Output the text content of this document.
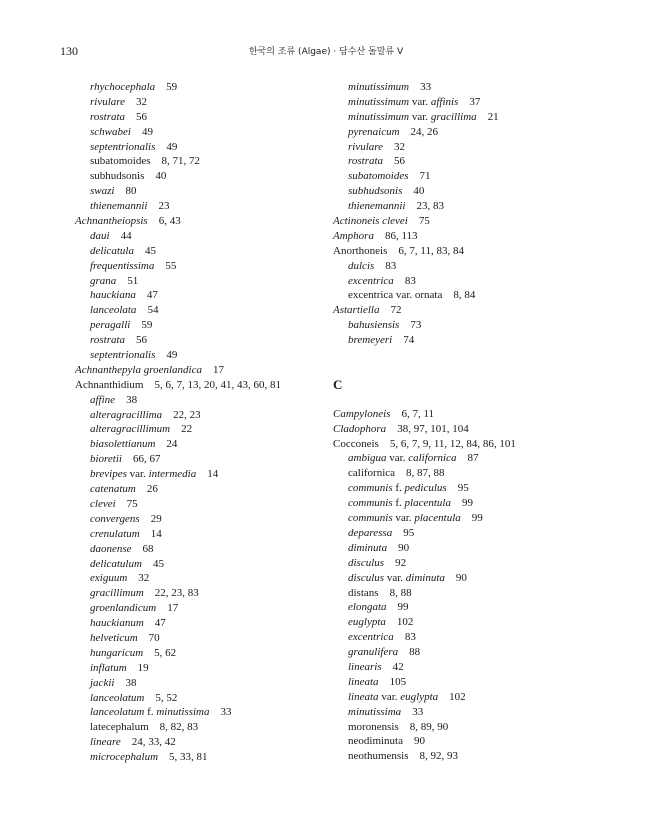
130	한국의 조류 (Algae) · 담수산 돌말류 V
rhychocephala 59
rivulare 32
rostrata 56
schwabei 49
septentrionalis 49
subatomoides 8, 71, 72
subhudsonis 40
swazi 80
thienemannii 23
Achnantheiopsis 6, 43
daui 44
delicatula 45
frequentissima 55
grana 51
hauckiana 47
lanceolata 54
peragalli 59
rostrata 56
septentrionalis 49
Achnanthepyla groenlandica 17
Achnanthidium 5, 6, 7, 13, 20, 41, 43, 60, 81
affine 38
alteragracillima 22, 23
alteragracillimum 22
biasolettianum 24
bioretii 66, 67
brevipes var. intermedia 14
catenatum 26
clevei 75
convergens 29
crenulatum 14
daonense 68
delicatulum 45
exiguum 32
gracillimum 22, 23, 83
groenlandicum 17
hauckianum 47
helveticum 70
hungaricum 5, 62
inflatum 19
jackii 38
lanceolatum 5, 52
lanceolatum f. minutissima 33
latecephalum 8, 82, 83
lineare 24, 33, 42
microcephalum 5, 33, 81
minutissimum 33
minutissimum var. affinis 37
minutissimum var. gracillima 21
pyrenaicum 24, 26
rivulare 32
rostrata 56
subatomoides 71
subhudsonis 40
thienemannii 23, 83
Actinoneis clevei 75
Amphora 86, 113
Anorthoneis 6, 7, 11, 83, 84
dulcis 83
excentrica 83
excentrica var. ornata 8, 84
Astartiella 72
bahusiensis 73
bremeyeri 74
C
Campyloneis 6, 7, 11
Cladophora 38, 97, 101, 104
Cocconeis 5, 6, 7, 9, 11, 12, 84, 86, 101
ambigua var. californica 87
californica 8, 87, 88
communis f. pediculus 95
communis f. placentula 99
communis var. placentula 99
deparessa 95
diminuta 90
disculus 92
disculus var. diminuta 90
distans 8, 88
elongata 99
euglypta 102
excentrica 83
granulifera 88
linearis 42
lineata 105
lineata var. euglypta 102
minutissima 33
moronensis 8, 89, 90
neodiminuta 90
neothumensis 8, 92, 93
